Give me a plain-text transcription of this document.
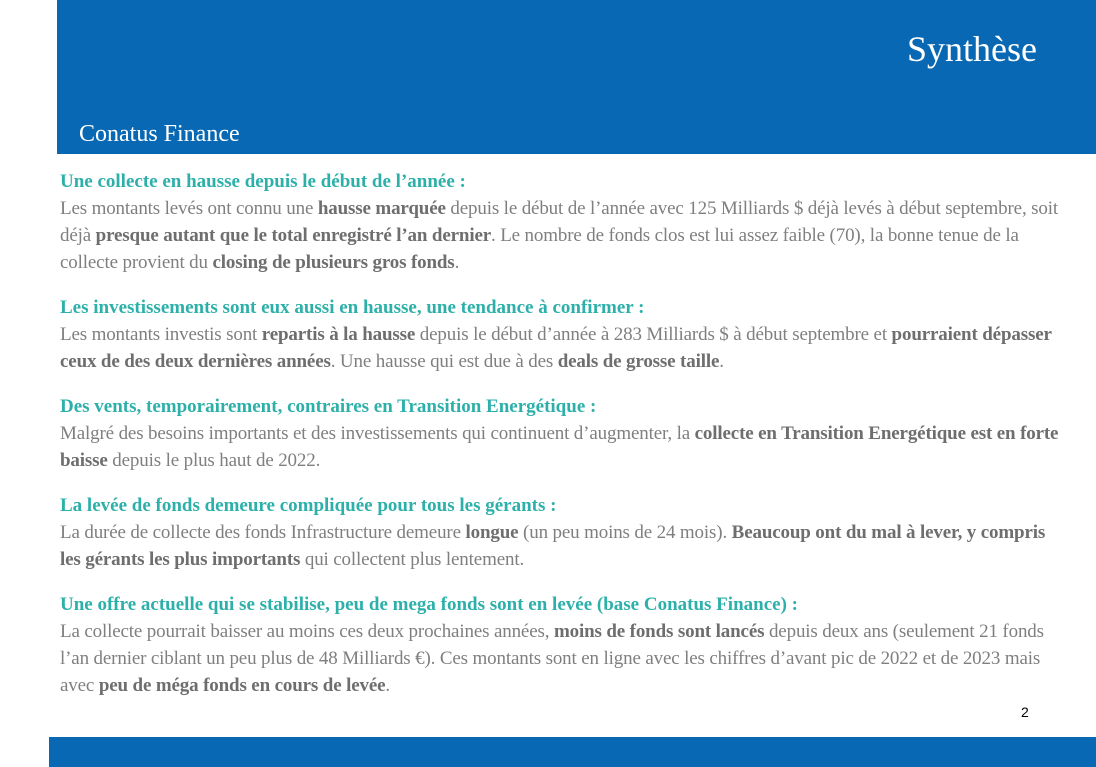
Synthèse
Conatus Finance
Une collecte en hausse depuis le début de l’année :

Les montants levés ont connu une hausse marquée depuis le début de l’année avec 125 Milliards $ déjà levés à début septembre, soit déjà presque autant que le total enregistré l’an dernier. Le nombre de fonds clos est lui assez faible (70), la bonne tenue de la collecte provient du closing de plusieurs gros fonds.

Les investissements sont eux aussi en hausse, une tendance à confirmer :

Les montants investis sont repartis à la hausse depuis le début d’année à 283 Milliards $ à début septembre et pourraient dépasser ceux de des deux dernières années. Une hausse qui est due à des deals de grosse taille.

Des vents, temporairement, contraires en Transition Energétique :

Malgré des besoins importants et des investissements qui continuent d’augmenter, la collecte en Transition Energétique est en forte baisse depuis le plus haut de 2022.

La levée de fonds demeure compliquée pour tous les gérants :

La durée de collecte des fonds Infrastructure demeure longue (un peu moins de 24 mois). Beaucoup ont du mal à lever, y compris les gérants les plus importants qui collectent plus lentement.

Une offre actuelle qui se stabilise, peu de mega fonds sont en levée (base Conatus Finance) :

La collecte pourrait baisser au moins ces deux prochaines années, moins de fonds sont lancés depuis deux ans (seulement 21 fonds l’an dernier ciblant un peu plus de 48 Milliards €). Ces montants sont en ligne avec les chiffres d’avant pic de 2022 et de 2023 mais avec peu de méga fonds en cours de levée.

2
